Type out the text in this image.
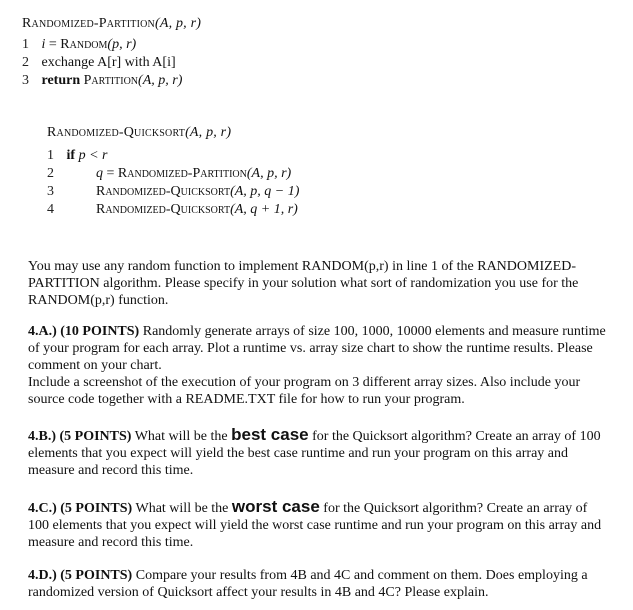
Randomized-Partition(A, p, r)
1 i = Random(p, r)
2 exchange A[r] with A[i]
3 return Partition(A, p, r)
Randomized-Quicksort(A, p, r)
1 if p < r
2	q = Randomized-Partition(A, p, r)
3	Randomized-Quicksort(A, p, q − 1)
4	Randomized-Quicksort(A, q + 1, r)

You may use any random function to implement RANDOM(p,r) in line 1 of the RANDOMIZED-PARTITION algorithm. Please specify in your solution what sort of randomization you use for the RANDOM(p,r) function.

4.A.) (10 POINTS) Randomly generate arrays of size 100, 1000, 10000 elements and measure runtime of your program for each array. Plot a runtime vs. array size chart to show the runtime results. Please comment on your chart.

Include a screenshot of the execution of your program on 3 different array sizes. Also include your source code together with a README.TXT file for how to run your program.

4.B.) (5 POINTS) What will be the best case for the Quicksort algorithm? Create an array of 100 elements that you expect will yield the best case runtime and run your program on this array and measure and record this time.

4.C.) (5 POINTS) What will be the worst case for the Quicksort algorithm? Create an array of 100 elements that you expect will yield the worst case runtime and run your program on this array and measure and record this time.

4.D.) (5 POINTS) Compare your results from 4B and 4C and comment on them. Does employing a randomized version of Quicksort affect your results in 4B and 4C? Please explain.
